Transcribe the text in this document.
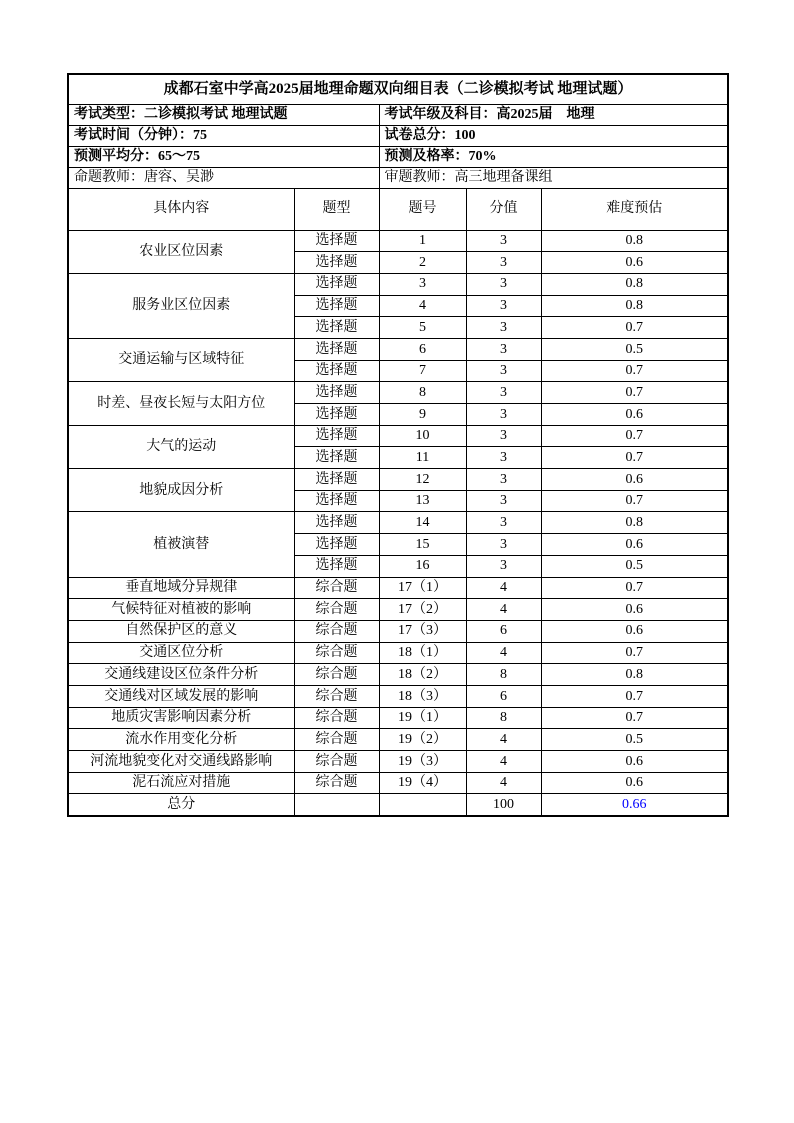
成都石室中学高2025届地理命题双向细目表（二诊模拟考试 地理试题）				
考试类型：二诊模拟考试 地理试题		考试年级及科目：高2025届　地理		
考试时间（分钟）：75		试卷总分：100		
预测平均分：65～75		预测及格率：70%		
命题教师：唐容、吴渺		审题教师：高三地理备课组		
具体内容	题型	题号	分值	难度预估
农业区位因素	选择题	1	3	0.8
	选择题	2	3	0.6
服务业区位因素	选择题	3	3	0.8
	选择题	4	3	0.8
	选择题	5	3	0.7
交通运输与区域特征	选择题	6	3	0.5
	选择题	7	3	0.7
时差、昼夜长短与太阳方位	选择题	8	3	0.7
	选择题	9	3	0.6
大气的运动	选择题	10	3	0.7
	选择题	11	3	0.7
地貌成因分析	选择题	12	3	0.6
	选择题	13	3	0.7
植被演替	选择题	14	3	0.8
	选择题	15	3	0.6
	选择题	16	3	0.5
垂直地域分异规律	综合题	17（1）	4	0.7
气候特征对植被的影响	综合题	17（2）	4	0.6
自然保护区的意义	综合题	17（3）	6	0.6
交通区位分析	综合题	18（1）	4	0.7
交通线建设区位条件分析	综合题	18（2）	8	0.8
交通线对区域发展的影响	综合题	18（3）	6	0.7
地质灾害影响因素分析	综合题	19（1）	8	0.7
流水作用变化分析	综合题	19（2）	4	0.5
河流地貌变化对交通线路影响	综合题	19（3）	4	0.6
泥石流应对措施	综合题	19（4）	4	0.6
总分			100	0.66
